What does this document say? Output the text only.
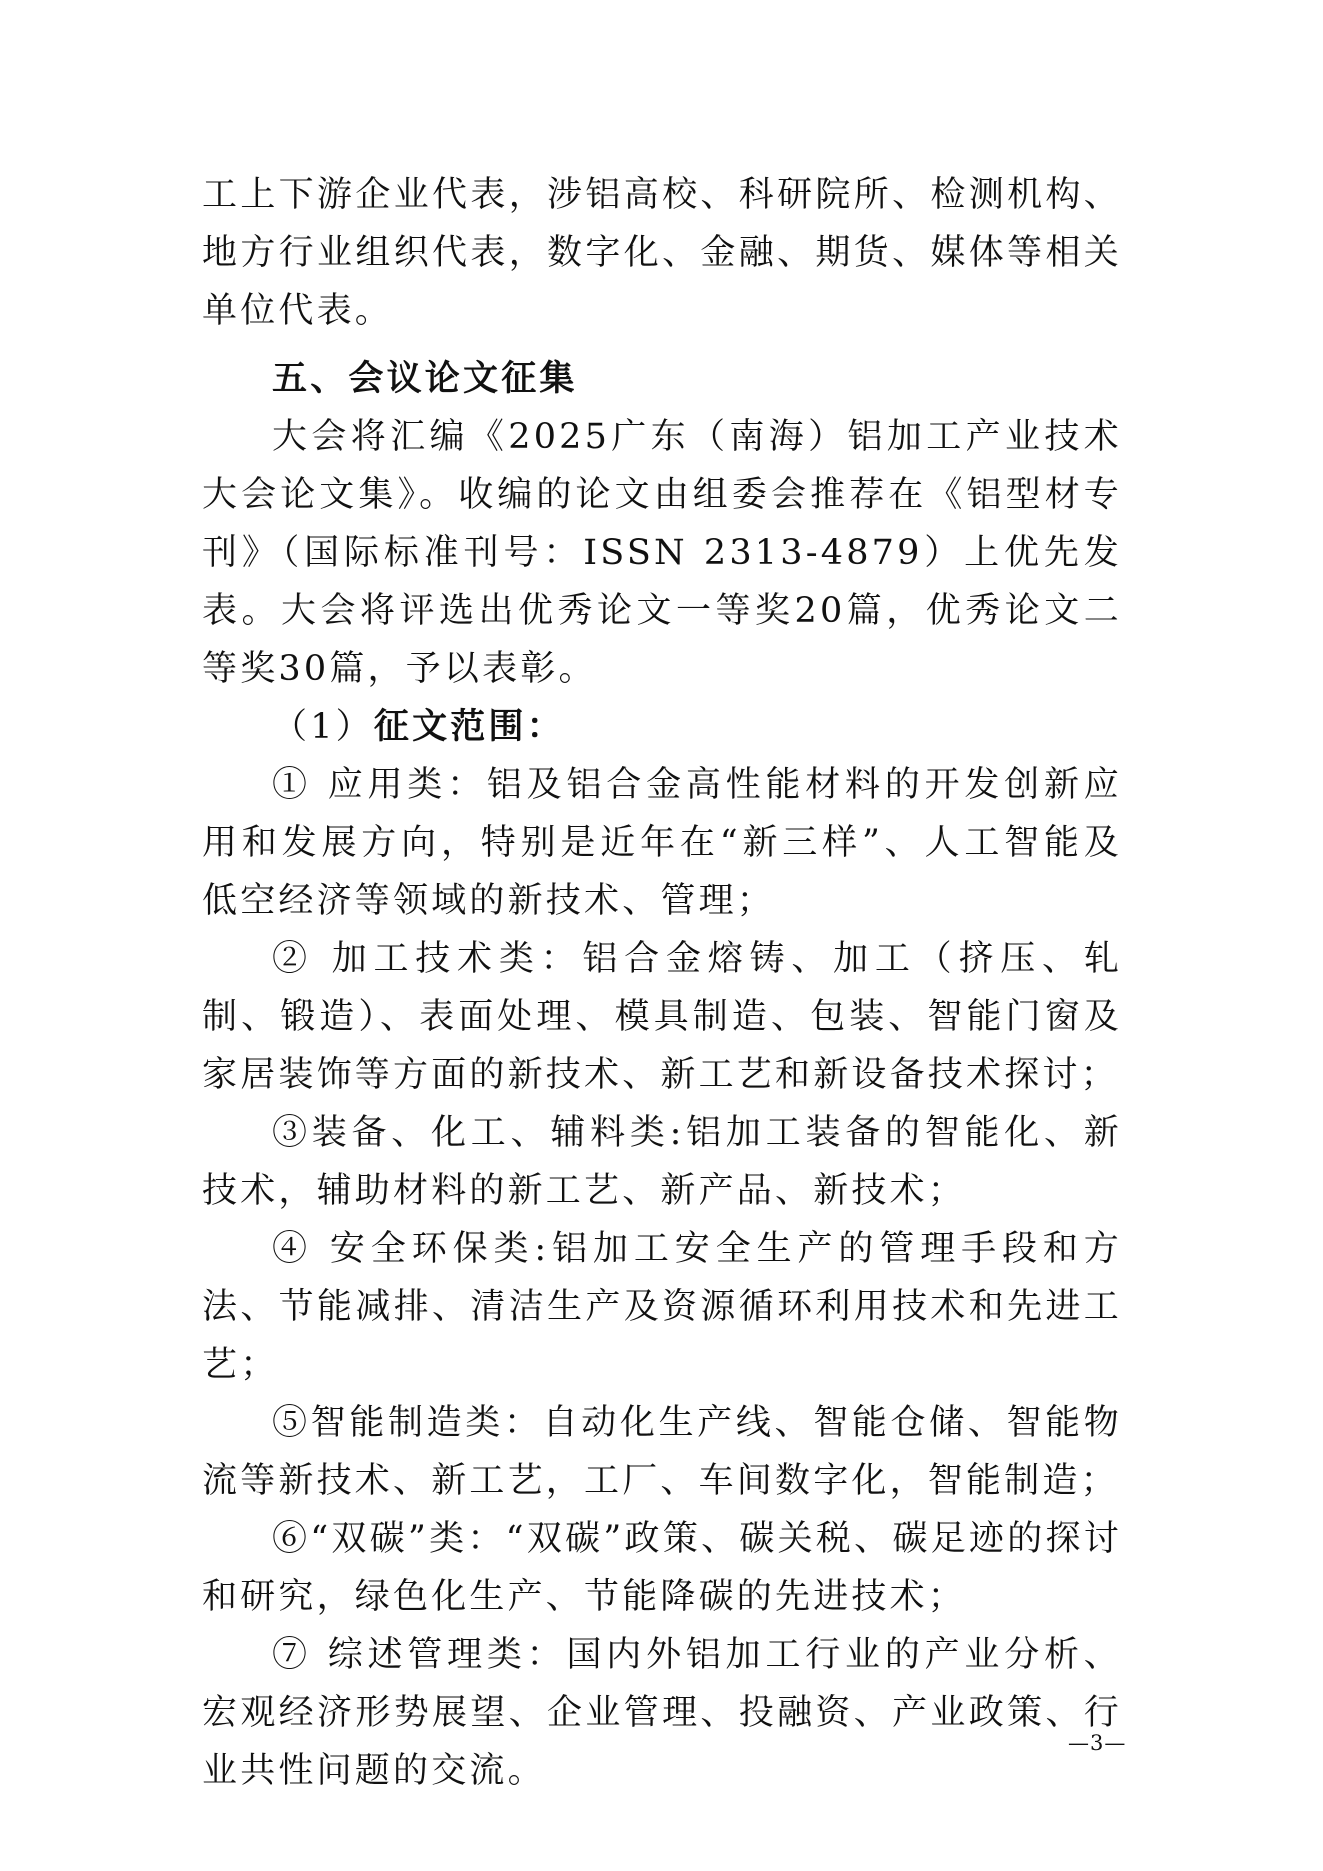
工上下游企业代表，涉铝高校、科研院所、检测机构、地方行业组织代表，数字化、金融、期货、媒体等相关单位代表。

五、会议论文征集

大会将汇编《2025广东（南海）铝加工产业技术大会论文集》。收编的论文由组委会推荐在《铝型材专刊》（国际标准刊号：ISSN 2313-4879）上优先发表。大会将评选出优秀论文一等奖20篇，优秀论文二等奖30篇，予以表彰。

（1）征文范围：

① 应用类：铝及铝合金高性能材料的开发创新应用和发展方向，特别是近年在“新三样”、人工智能及低空经济等领域的新技术、管理；

② 加工技术类：铝合金熔铸、加工（挤压、轧制、锻造）、表面处理、模具制造、包装、智能门窗及家居装饰等方面的新技术、新工艺和新设备技术探讨；

③装备、化工、辅料类:铝加工装备的智能化、新技术，辅助材料的新工艺、新产品、新技术；

④ 安全环保类:铝加工安全生产的管理手段和方法、节能减排、清洁生产及资源循环利用技术和先进工艺；

⑤智能制造类：自动化生产线、智能仓储、智能物流等新技术、新工艺，工厂、车间数字化，智能制造；

⑥“双碳”类：“双碳”政策、碳关税、碳足迹的探讨和研究，绿色化生产、节能降碳的先进技术；

⑦ 综述管理类：国内外铝加工行业的产业分析、宏观经济形势展望、企业管理、投融资、产业政策、行业共性问题的交流。

—3—
